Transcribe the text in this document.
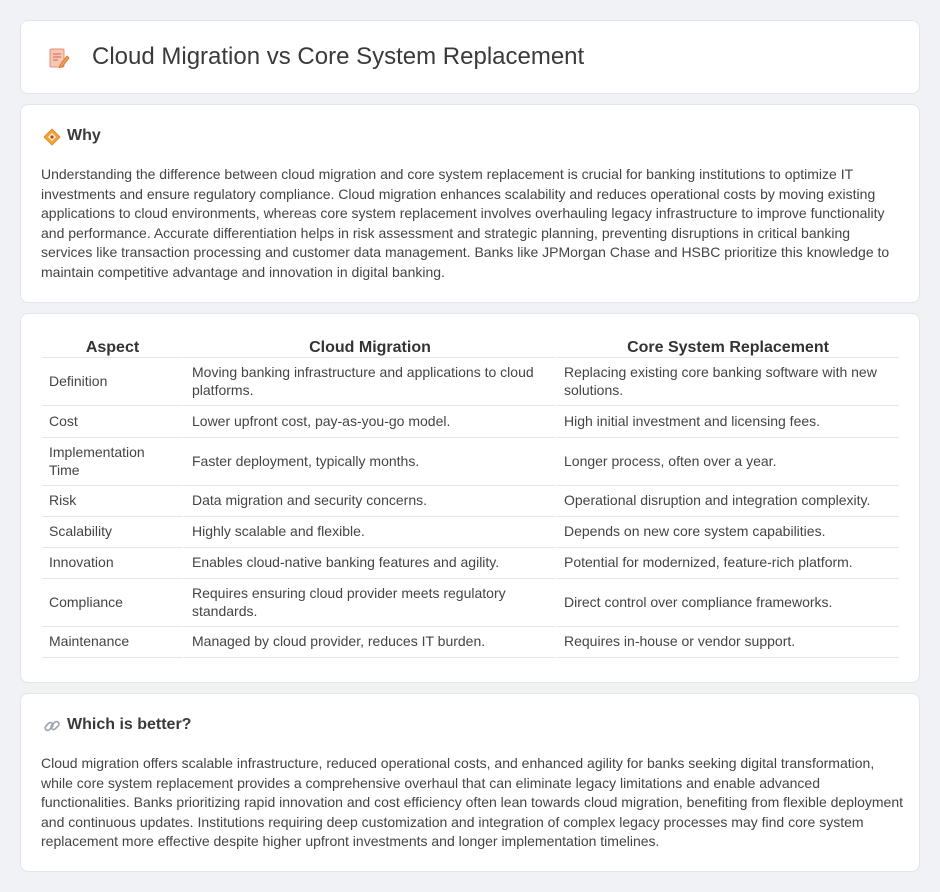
Cloud Migration vs Core System Replacement
Why

Understanding the difference between cloud migration and core system replacement is crucial for banking institutions to optimize IT investments and ensure regulatory compliance. Cloud migration enhances scalability and reduces operational costs by moving existing applications to cloud environments, whereas core system replacement involves overhauling legacy infrastructure to improve functionality and performance. Accurate differentiation helps in risk assessment and strategic planning, preventing disruptions in critical banking services like transaction processing and customer data management. Banks like JPMorgan Chase and HSBC prioritize this knowledge to maintain competitive advantage and innovation in digital banking.

Aspect	Cloud Migration	Core System Replacement
Definition	Moving banking infrastructure and applications to cloud platforms.	Replacing existing core banking software with new solutions.
Cost	Lower upfront cost, pay-as-you-go model.	High initial investment and licensing fees.
Implementation Time	Faster deployment, typically months.	Longer process, often over a year.
Risk	Data migration and security concerns.	Operational disruption and integration complexity.
Scalability	Highly scalable and flexible.	Depends on new core system capabilities.
Innovation	Enables cloud-native banking features and agility.	Potential for modernized, feature-rich platform.
Compliance	Requires ensuring cloud provider meets regulatory standards.	Direct control over compliance frameworks.
Maintenance	Managed by cloud provider, reduces IT burden.	Requires in-house or vendor support.
Which is better?

Cloud migration offers scalable infrastructure, reduced operational costs, and enhanced agility for banks seeking digital transformation, while core system replacement provides a comprehensive overhaul that can eliminate legacy limitations and enable advanced functionalities. Banks prioritizing rapid innovation and cost efficiency often lean towards cloud migration, benefiting from flexible deployment and continuous updates. Institutions requiring deep customization and integration of complex legacy processes may find core system replacement more effective despite higher upfront investments and longer implementation timelines.
